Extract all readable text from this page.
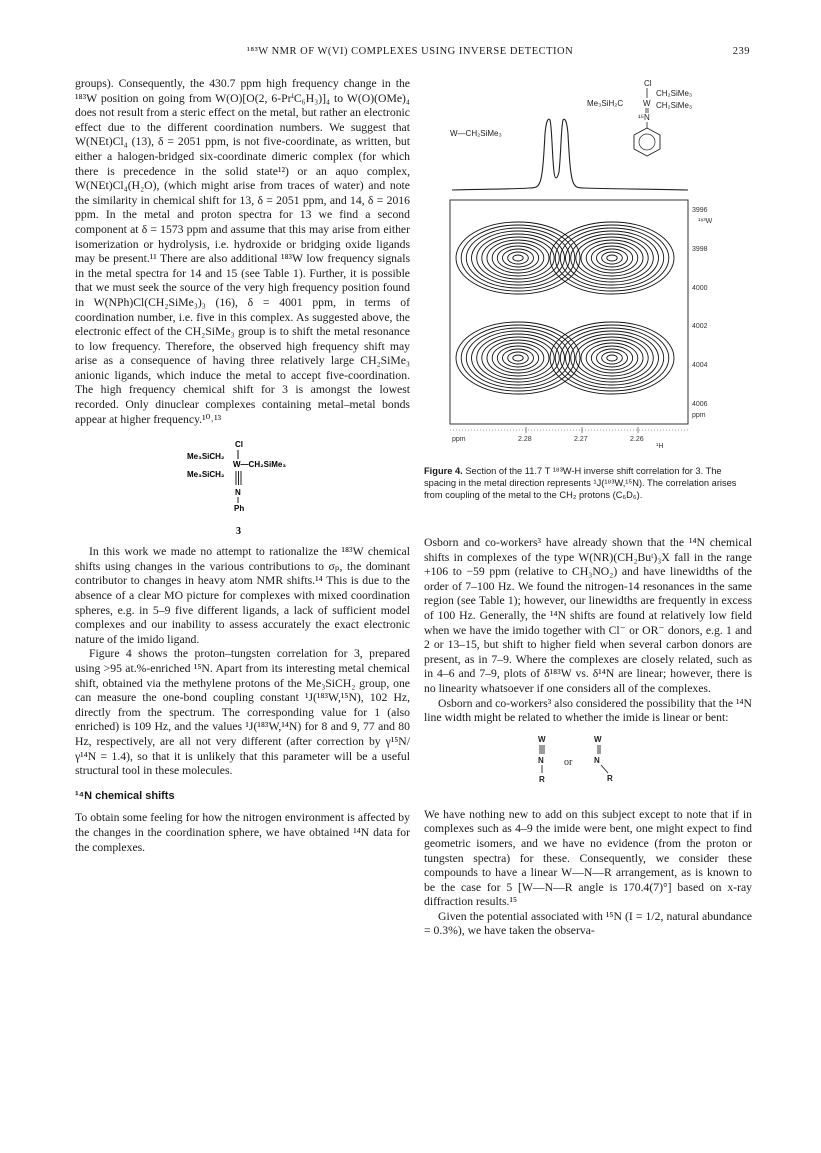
¹⁸³W NMR OF W(VI) COMPLEXES USING INVERSE DETECTION	239

groups). Consequently, the 430.7 ppm high frequency change in the ¹⁸³W position on going from W(O)[O(2, 6-PrⁱC₆H₃)]₄ to W(O)(OMe)₄ does not result from a steric effect on the metal, but rather an electronic effect due to the different coordination numbers. We suggest that W(NEt)Cl₄ (13), δ = 2051 ppm, is not five-coordinate, as written, but either a halogen-bridged six-coordinate dimeric complex (for which there is precedence in the solid state¹²) or an aquo complex, W(NEt)Cl₄(H₂O), (which might arise from traces of water) and note the similarity in chemical shift for 13, δ = 2051 ppm, and 14, δ = 2016 ppm. In the metal and proton spectra for 13 we find a second component at δ = 1573 ppm and assume that this may arise from either isomerization or hydrolysis, i.e. hydroxide or bridging oxide ligands may be present.¹¹ There are also additional ¹⁸³W low frequency signals in the metal spectra for 14 and 15 (see Table 1). Further, it is possible that we must seek the source of the very high frequency position found in W(NPh)Cl(CH₂SiMe₃)₃ (16), δ = 4001 ppm, in terms of coordination number, i.e. five in this complex. As suggested above, the electronic effect of the CH₂SiMe₃ group is to shift the metal resonance to low frequency. Therefore, the observed high frequency shift may arise as a consequence of having three relatively large CH₂SiMe₃ anionic ligands, which induce the metal to accept five-coordination. The high frequency chemical shift for 3 is amongst the lowest recorded. Only dinuclear complexes containing metal–metal bonds appear at higher frequency.¹⁰˒¹³

Cl
Me₃SiCH₂
W—CH₂SiMe₃
Me₃SiCH₂
N
Ph
3

In this work we made no attempt to rationalize the ¹⁸³W chemical shifts using changes in the various contributions to σₚ, the dominant contributor to changes in heavy atom NMR shifts.¹⁴ This is due to the absence of a clear MO picture for complexes with mixed coordination spheres, e.g. in 5–9 five different ligands, a lack of sufficient model complexes and our inability to assess accurately the exact electronic nature of the imido ligand.

Figure 4 shows the proton–tungsten correlation for 3, prepared using >95 at.%-enriched ¹⁵N. Apart from its interesting metal chemical shift, obtained via the methylene protons of the Me₃SiCH₂ group, one can measure the one-bond coupling constant ¹J(¹⁸³W,¹⁵N), 102 Hz, directly from the spectrum. The corresponding value for 1 (also enriched) is 109 Hz, and the values ¹J(¹⁸³W,¹⁴N) for 8 and 9, 77 and 80 Hz, respectively, are all not very different (after correction by γ¹⁵N/γ¹⁴N = 1.4), so that it is unlikely that this parameter will be a useful structural tool in these molecules.

¹⁴N chemical shifts

To obtain some feeling for how the nitrogen environment is affected by the changes in the coordination sphere, we have obtained ¹⁴N data for the complexes.

Cl
CH₂SiMe₃
Me₃SiH₂C W CH₂SiMe₃
¹⁵N
W—CH₂SiMe₃
3996
¹⁸³W
3998
4000
4002
4004
4006
ppm
ppm	2.28	2.27	2.26
¹H
Figure 4. Section of the 11.7 T ¹⁸³W-H inverse shift correlation for 3. The spacing in the metal direction represents ¹J(¹⁸³W,¹⁵N). The correlation arises from coupling of the metal to the CH₂ protons (C₆D₆).

Osborn and co-workers³ have already shown that the ¹⁴N chemical shifts in complexes of the type W(NR)(CH₂Buᵗ)₃X fall in the range +106 to −59 ppm (relative to CH₃NO₂) and have linewidths of the order of 7–100 Hz. We found the nitrogen-14 resonances in the same region (see Table 1); however, our linewidths are frequently in excess of 100 Hz. Generally, the ¹⁴N shifts are found at relatively low field when we have the imido together with Cl⁻ or OR⁻ donors, e.g. 1 and 2 or 13–15, but shift to higher field when several carbon donors are present, as in 7–9. Where the complexes are closely related, such as in 4–6 and 7–9, plots of δ¹⁸³W vs. δ¹⁴N are linear; however, there is no linearity whatsoever if one considers all of the complexes.

Osborn and co-workers³ also considered the possibility that the ¹⁴N line width might be related to whether the imide is linear or bent:

W
N
R
or
W
N
R

We have nothing new to add on this subject except to note that if in complexes such as 4–9 the imide were bent, one might expect to find geometric isomers, and we have no evidence (from the proton or tungsten spectra) for these. Consequently, we consider these compounds to have a linear W—N—R arrangement, as is known to be the case for 5 [W—N—R angle is 170.4(7)°] based on x-ray diffraction results.¹⁵

Given the potential associated with ¹⁵N (I = 1/2, natural abundance = 0.3%), we have taken the observa-
